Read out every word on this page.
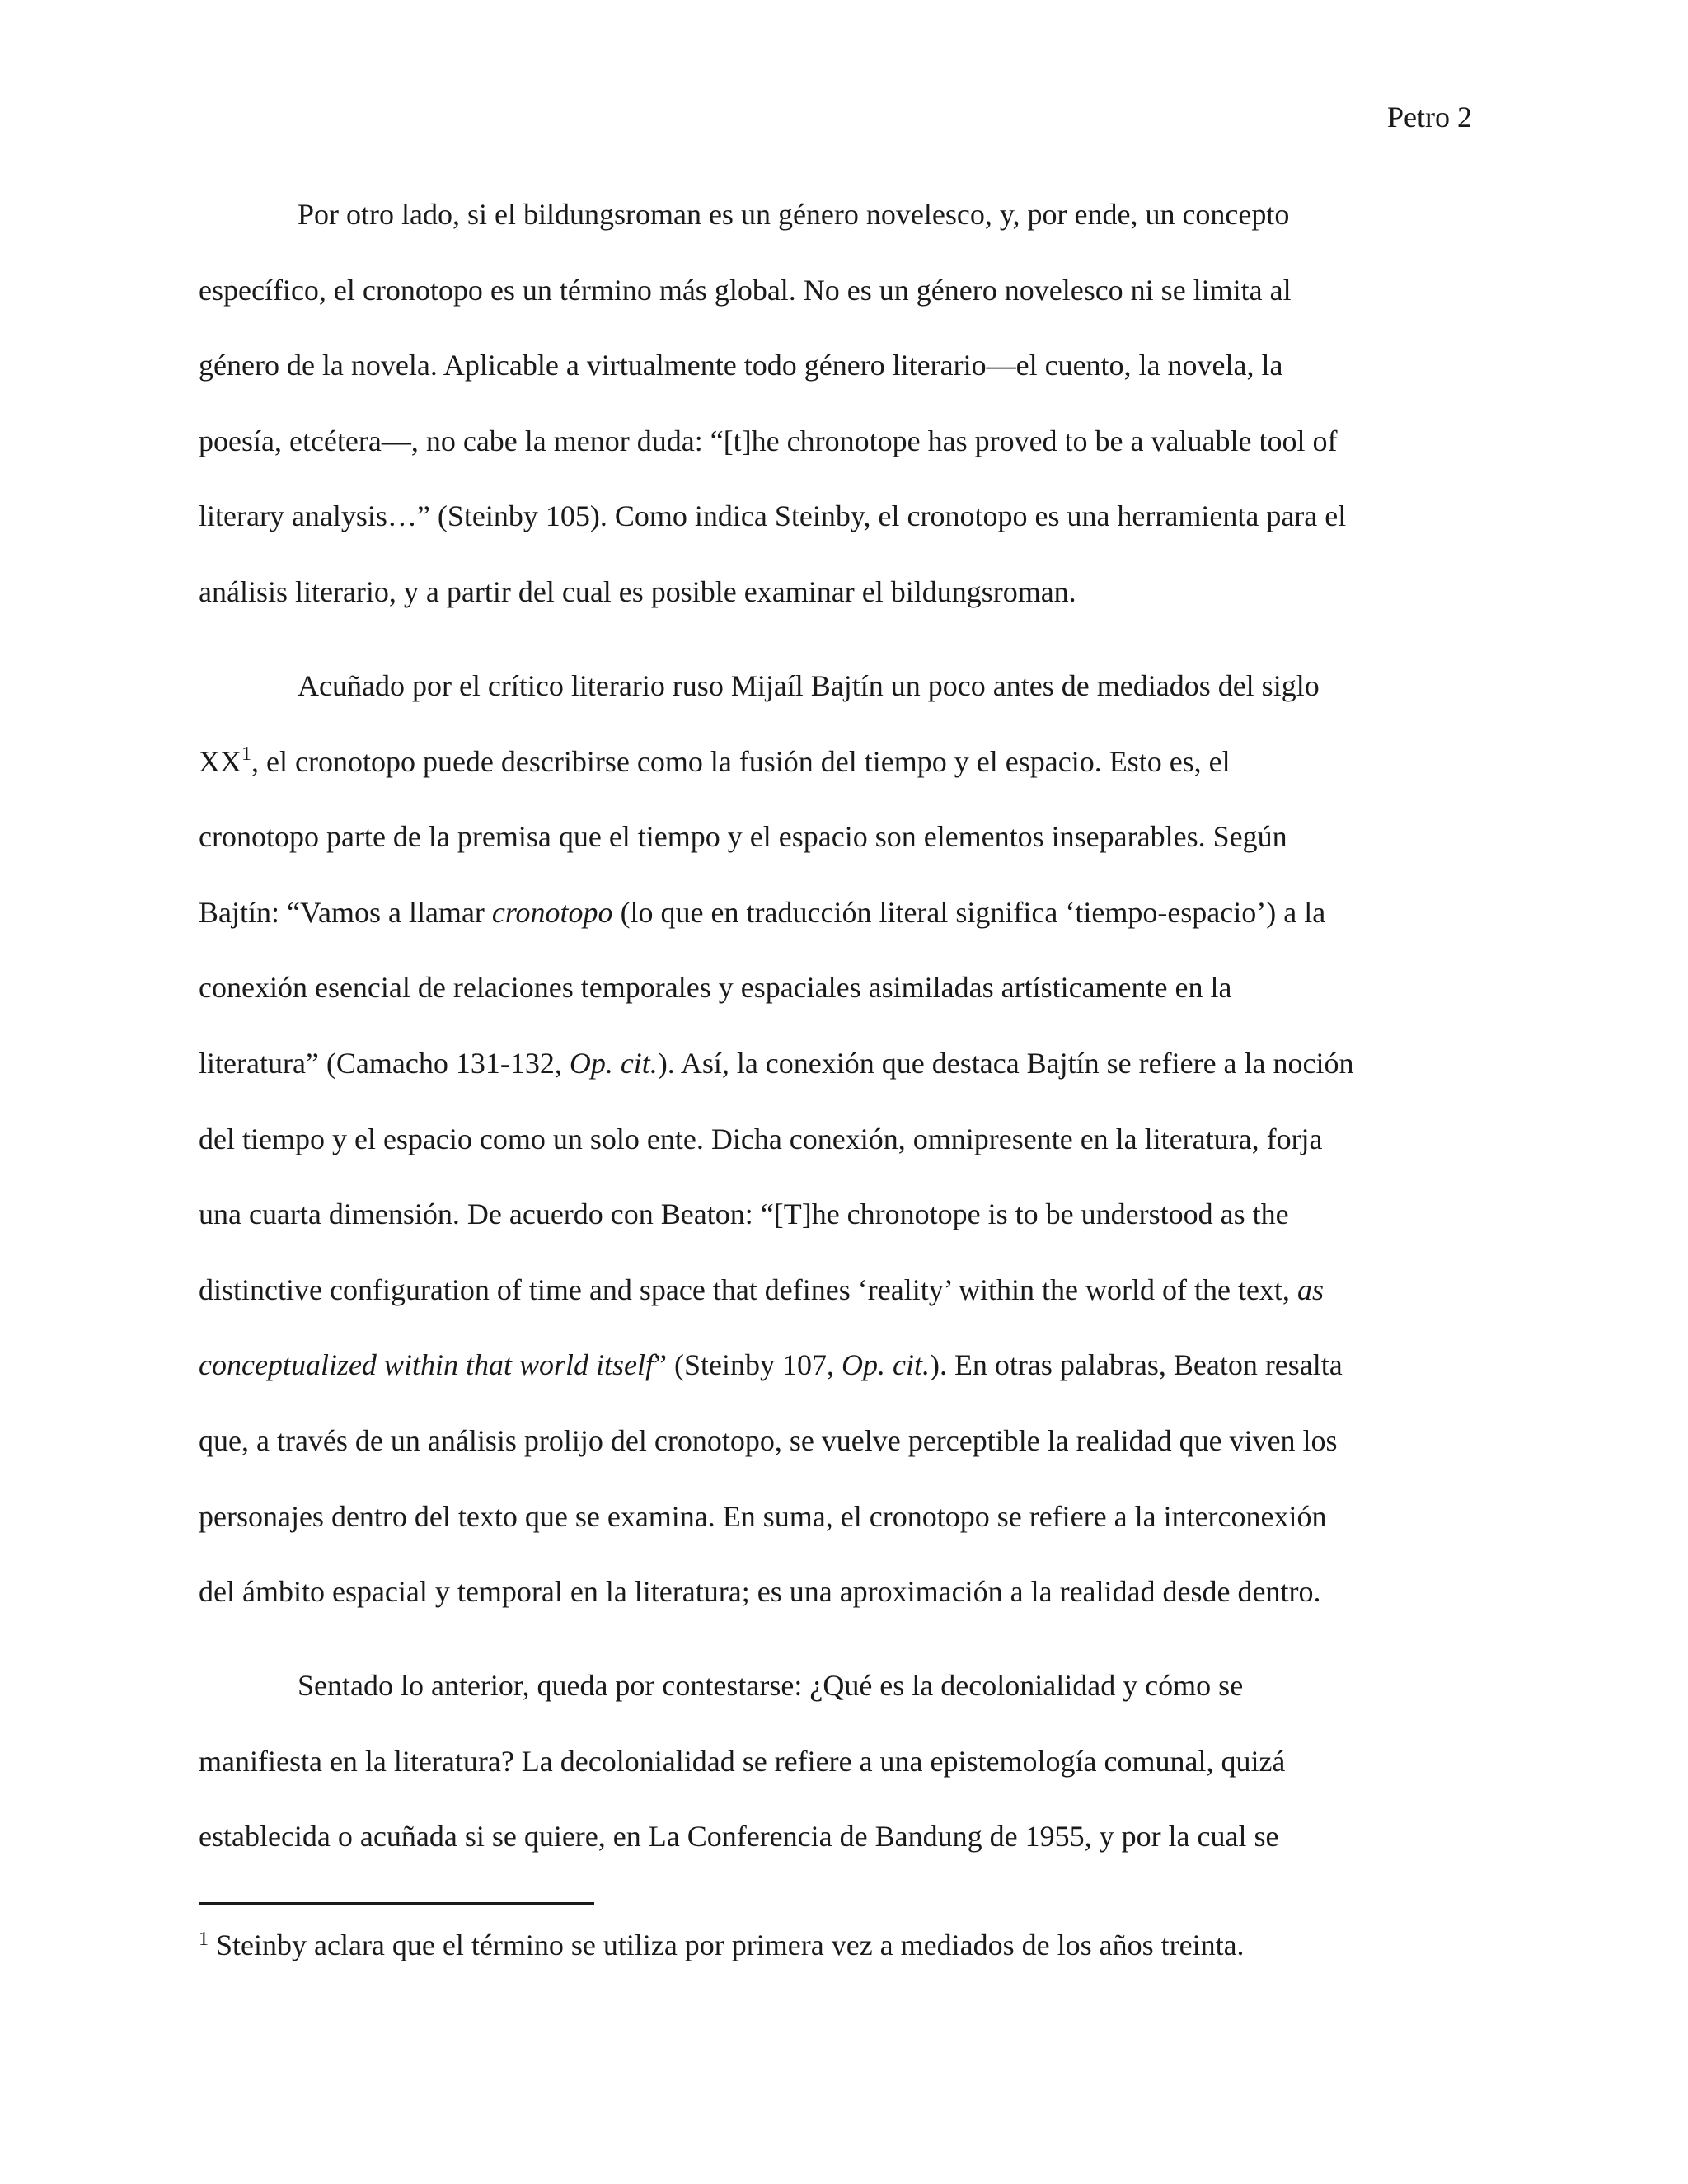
Petro 2

Por otro lado, si el bildungsroman es un género novelesco, y, por ende, un concepto
específico, el cronotopo es un término más global. No es un género novelesco ni se limita al
género de la novela. Aplicable a virtualmente todo género literario—el cuento, la novela, la
poesía, etcétera—, no cabe la menor duda: “[t]he chronotope has proved to be a valuable tool of
literary analysis…” (Steinby 105). Como indica Steinby, el cronotopo es una herramienta para el
análisis literario, y a partir del cual es posible examinar el bildungsroman.

Acuñado por el crítico literario ruso Mijaíl Bajtín un poco antes de mediados del siglo
$XX^1$, el cronotopo puede describirse como la fusión del tiempo y el espacio. Esto es, el
cronotopo parte de la premisa que el tiempo y el espacio son elementos inseparables. Según
Bajtín: “Vamos a llamar cronotopo (lo que en traducción literal significa ‘tiempo-espacio’) a la
conexión esencial de relaciones temporales y espaciales asimiladas artísticamente en la
literatura” (Camacho 131-132, Op. cit.). Así, la conexión que destaca Bajtín se refiere a la noción
del tiempo y el espacio como un solo ente. Dicha conexión, omnipresente en la literatura, forja
una cuarta dimensión. De acuerdo con Beaton: “[T]he chronotope is to be understood as the
distinctive configuration of time and space that defines ‘reality’ within the world of the text, as
conceptualized within that world itself” (Steinby 107, Op. cit.). En otras palabras, Beaton resalta
que, a través de un análisis prolijo del cronotopo, se vuelve perceptible la realidad que viven los
personajes dentro del texto que se examina. En suma, el cronotopo se refiere a la interconexión
del ámbito espacial y temporal en la literatura; es una aproximación a la realidad desde dentro.

Sentado lo anterior, queda por contestarse: ¿Qué es la decolonialidad y cómo se
manifiesta en la literatura? La decolonialidad se refiere a una epistemología comunal, quizá
establecida o acuñada si se quiere, en La Conferencia de Bandung de 1955, y por la cual se

$^1$ Steinby aclara que el término se utiliza por primera vez a mediados de los años treinta.
